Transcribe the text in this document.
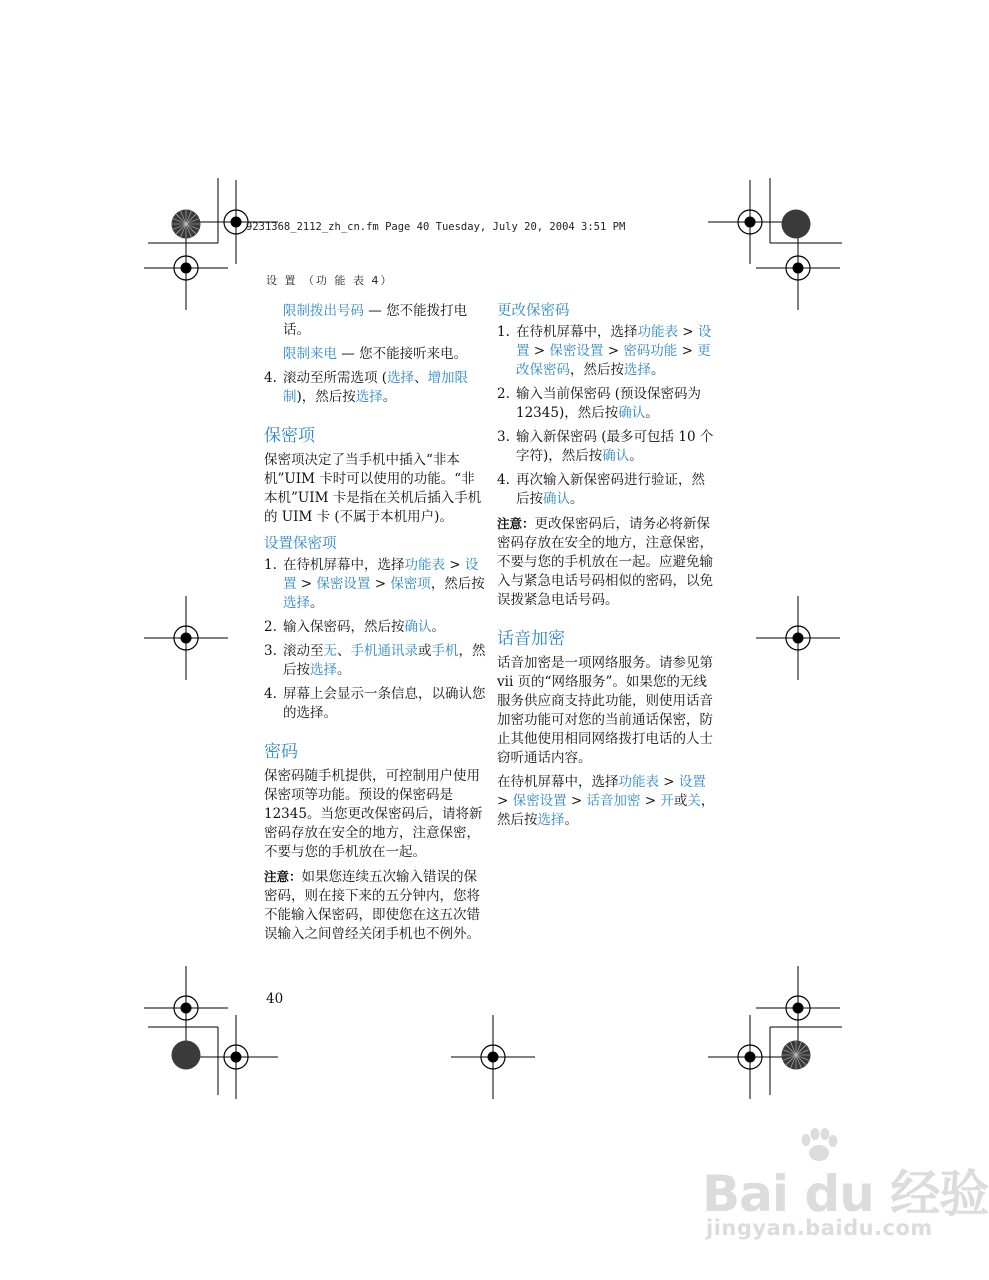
9231368_2112_zh_cn.fm Page 40 Tuesday, July 20, 2004 3:51 PM

设 置 （功 能 表 4）

限制拨出号码 — 您不能拨打电话。

限制来电 — 您不能接听来电。

4. 滚动至所需选项 (选择、增加限制)，然后按选择。
保密项

保密项决定了当手机中插入“非本机”UIM 卡时可以使用的功能。“非本机”UIM 卡是指在关机后插入手机的 UIM 卡 (不属于本机用户)。

设置保密项
1. 在待机屏幕中，选择功能表 > 设置 > 保密设置 > 保密项，然后按选择。
2. 输入保密码，然后按确认。
3. 滚动至无、手机通讯录或手机，然后按选择。
4. 屏幕上会显示一条信息，以确认您的选择。
密码

保密码随手机提供，可控制用户使用保密项等功能。预设的保密码是 12345。当您更改保密码后，请将新密码存放在安全的地方，注意保密，不要与您的手机放在一起。

注意：如果您连续五次输入错误的保密码，则在接下来的五分钟内，您将不能输入保密码，即使您在这五次错误输入之间曾经关闭手机也不例外。

更改保密码
1. 在待机屏幕中，选择功能表 > 设置 > 保密设置 > 密码功能 > 更改保密码，然后按选择。
2. 输入当前保密码 (预设保密码为 12345)，然后按确认。
3. 输入新保密码 (最多可包括 10 个字符)，然后按确认。
4. 再次输入新保密码进行验证，然后按确认。

注意：更改保密码后，请务必将新保密码存放在安全的地方，注意保密，不要与您的手机放在一起。应避免输入与紧急电话号码相似的密码，以免误拨紧急电话号码。

话音加密

话音加密是一项网络服务。请参见第 vii 页的“网络服务”。如果您的无线服务供应商支持此功能，则使用话音加密功能可对您的当前通话保密，防止其他使用相同网络拨打电话的人士窃听通话内容。

在待机屏幕中，选择功能表 > 设置 > 保密设置 > 话音加密 > 开或关，然后按选择。

40

Bai du 经验
jingyan.baidu.com
